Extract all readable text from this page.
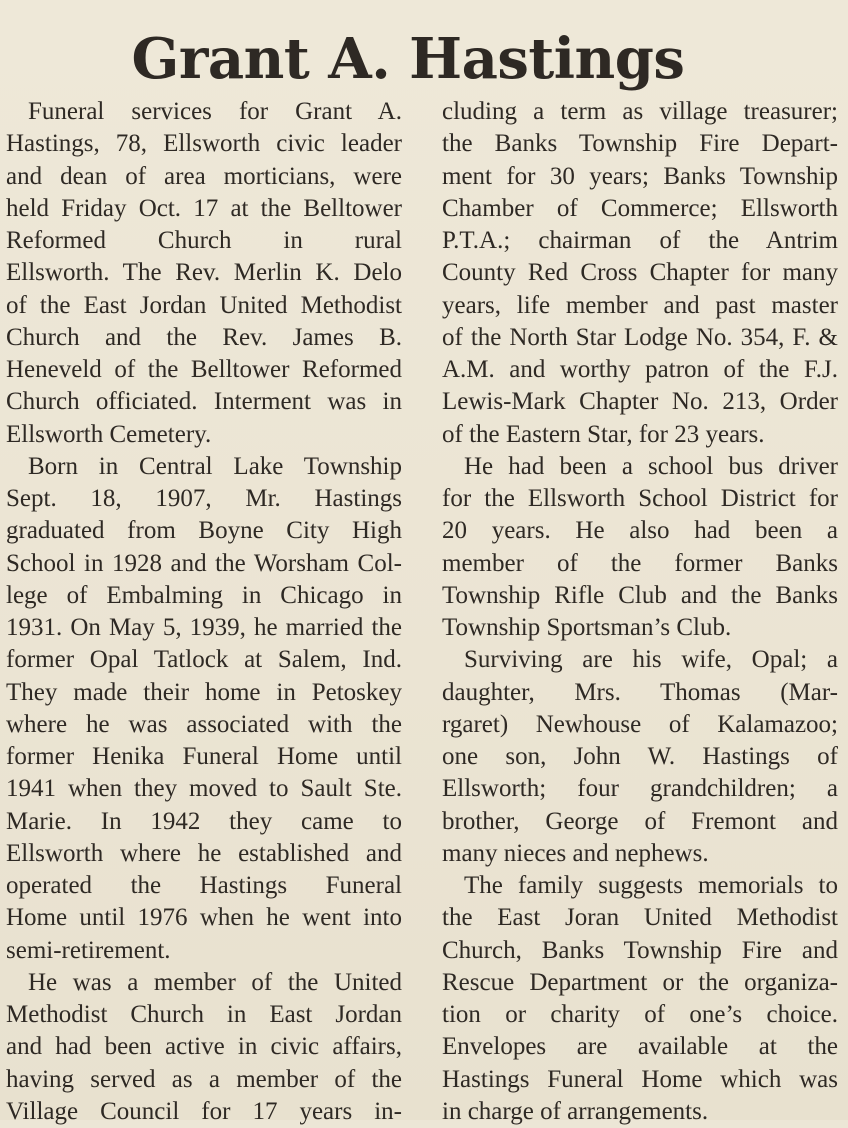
Grant A. Hastings
Funeral services for Grant A.
Hastings, 78, Ellsworth civic leader
and dean of area morticians, were
held Friday Oct. 17 at the Belltower
Reformed Church in rural
Ellsworth. The Rev. Merlin K. Delo
of the East Jordan United Methodist
Church and the Rev. James B.
Heneveld of the Belltower Reformed
Church officiated. Interment was in
Ellsworth Cemetery.
Born in Central Lake Township
Sept. 18, 1907, Mr. Hastings
graduated from Boyne City High
School in 1928 and the Worsham Col-
lege of Embalming in Chicago in
1931. On May 5, 1939, he married the
former Opal Tatlock at Salem, Ind.
They made their home in Petoskey
where he was associated with the
former Henika Funeral Home until
1941 when they moved to Sault Ste.
Marie. In 1942 they came to
Ellsworth where he established and
operated the Hastings Funeral
Home until 1976 when he went into
semi-retirement.
He was a member of the United
Methodist Church in East Jordan
and had been active in civic affairs,
having served as a member of the
Village Council for 17 years in-
cluding a term as village treasurer;
the Banks Township Fire Depart-
ment for 30 years; Banks Township
Chamber of Commerce; Ellsworth
P.T.A.; chairman of the Antrim
County Red Cross Chapter for many
years, life member and past master
of the North Star Lodge No. 354, F. &
A.M. and worthy patron of the F.J.
Lewis-Mark Chapter No. 213, Order
of the Eastern Star, for 23 years.
He had been a school bus driver
for the Ellsworth School District for
20 years. He also had been a
member of the former Banks
Township Rifle Club and the Banks
Township Sportsman’s Club.
Surviving are his wife, Opal; a
daughter, Mrs. Thomas (Mar-
rgaret) Newhouse of Kalamazoo;
one son, John W. Hastings of
Ellsworth; four grandchildren; a
brother, George of Fremont and
many nieces and nephews.
The family suggests memorials to
the East Joran United Methodist
Church, Banks Township Fire and
Rescue Department or the organiza-
tion or charity of one’s choice.
Envelopes are available at the
Hastings Funeral Home which was
in charge of arrangements.
